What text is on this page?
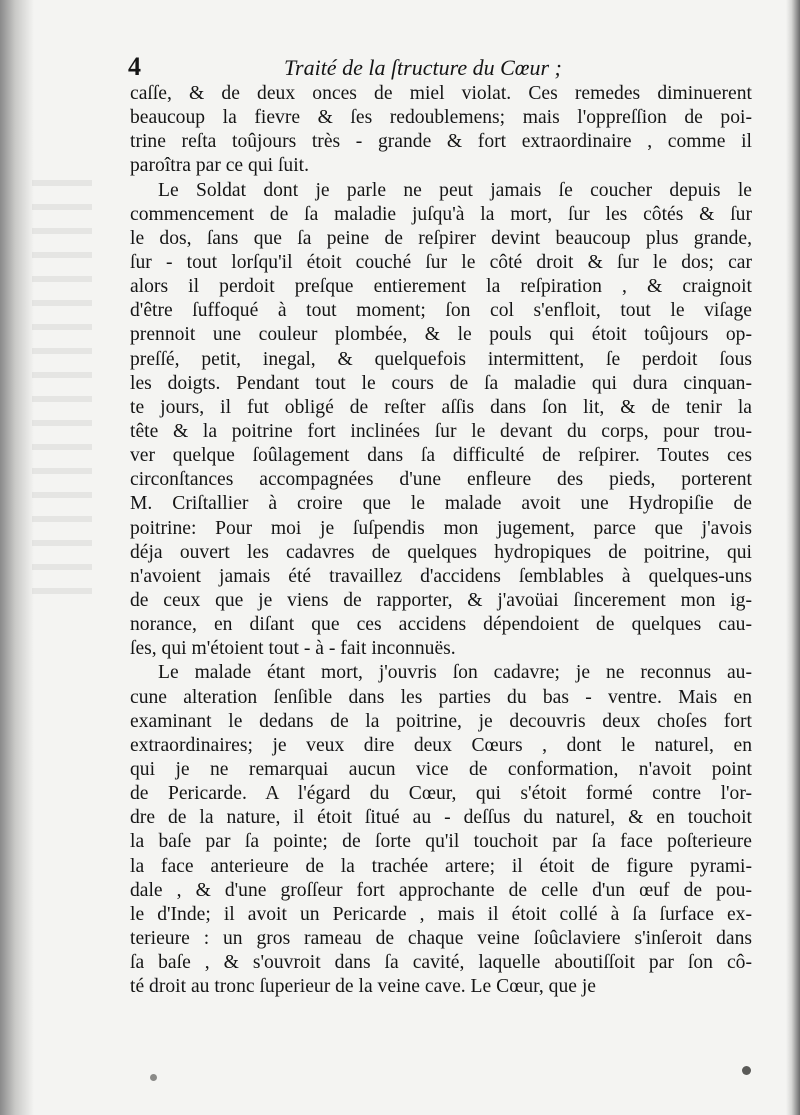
4	Traité de la ſtructure du Cœur ;
caſſe, & de deux onces de miel violat. Ces remedes diminuerent
beaucoup la fievre & ſes redoublemens; mais l'oppreſſion de poi-
trine reſta toûjours très - grande & fort extraordinaire , comme il
paroîtra par ce qui ſuit.
Le Soldat dont je parle ne peut jamais ſe coucher depuis le
commencement de ſa maladie juſqu'à la mort, ſur les côtés & ſur
le dos, ſans que ſa peine de reſpirer devint beaucoup plus grande,
ſur - tout lorſqu'il étoit couché ſur le côté droit & ſur le dos; car
alors il perdoit preſque entierement la reſpiration , & craignoit
d'être ſuffoqué à tout moment; ſon col s'enfloit, tout le viſage
prennoit une couleur plombée, & le pouls qui étoit toûjours op-
preſſé, petit, inegal, & quelquefois intermittent, ſe perdoit ſous
les doigts. Pendant tout le cours de ſa maladie qui dura cinquan-
te jours, il fut obligé de reſter aſſis dans ſon lit, & de tenir la
tête & la poitrine fort inclinées ſur le devant du corps, pour trou-
ver quelque ſoûlagement dans ſa difficulté de reſpirer. Toutes ces
circonſtances accompagnées d'une enfleure des pieds, porterent
M. Criſtallier à croire que le malade avoit une Hydropiſie de
poitrine: Pour moi je ſuſpendis mon jugement, parce que j'avois
déja ouvert les cadavres de quelques hydropiques de poitrine, qui
n'avoient jamais été travaillez d'accidens ſemblables à quelques-uns
de ceux que je viens de rapporter, & j'avoüai ſincerement mon ig-
norance, en diſant que ces accidens dépendoient de quelques cau-
ſes, qui m'étoient tout - à - fait inconnuës.
Le malade étant mort, j'ouvris ſon cadavre; je ne reconnus au-
cune alteration ſenſible dans les parties du bas - ventre. Mais en
examinant le dedans de la poitrine, je decouvris deux choſes fort
extraordinaires; je veux dire deux Cœurs , dont le naturel, en
qui je ne remarquai aucun vice de conformation, n'avoit point
de Pericarde. A l'égard du Cœur, qui s'étoit formé contre l'or-
dre de la nature, il étoit ſitué au - deſſus du naturel, & en touchoit
la baſe par ſa pointe; de ſorte qu'il touchoit par ſa face poſterieure
la face anterieure de la trachée artere; il étoit de figure pyrami-
dale , & d'une groſſeur fort approchante de celle d'un œuf de pou-
le d'Inde; il avoit un Pericarde , mais il étoit collé à ſa ſurface ex-
terieure : un gros rameau de chaque veine ſoûclaviere s'inſeroit dans
ſa baſe , & s'ouvroit dans ſa cavité, laquelle aboutiſſoit par ſon cô-
té droit au tronc ſuperieur de la veine cave. Le Cœur, que je
